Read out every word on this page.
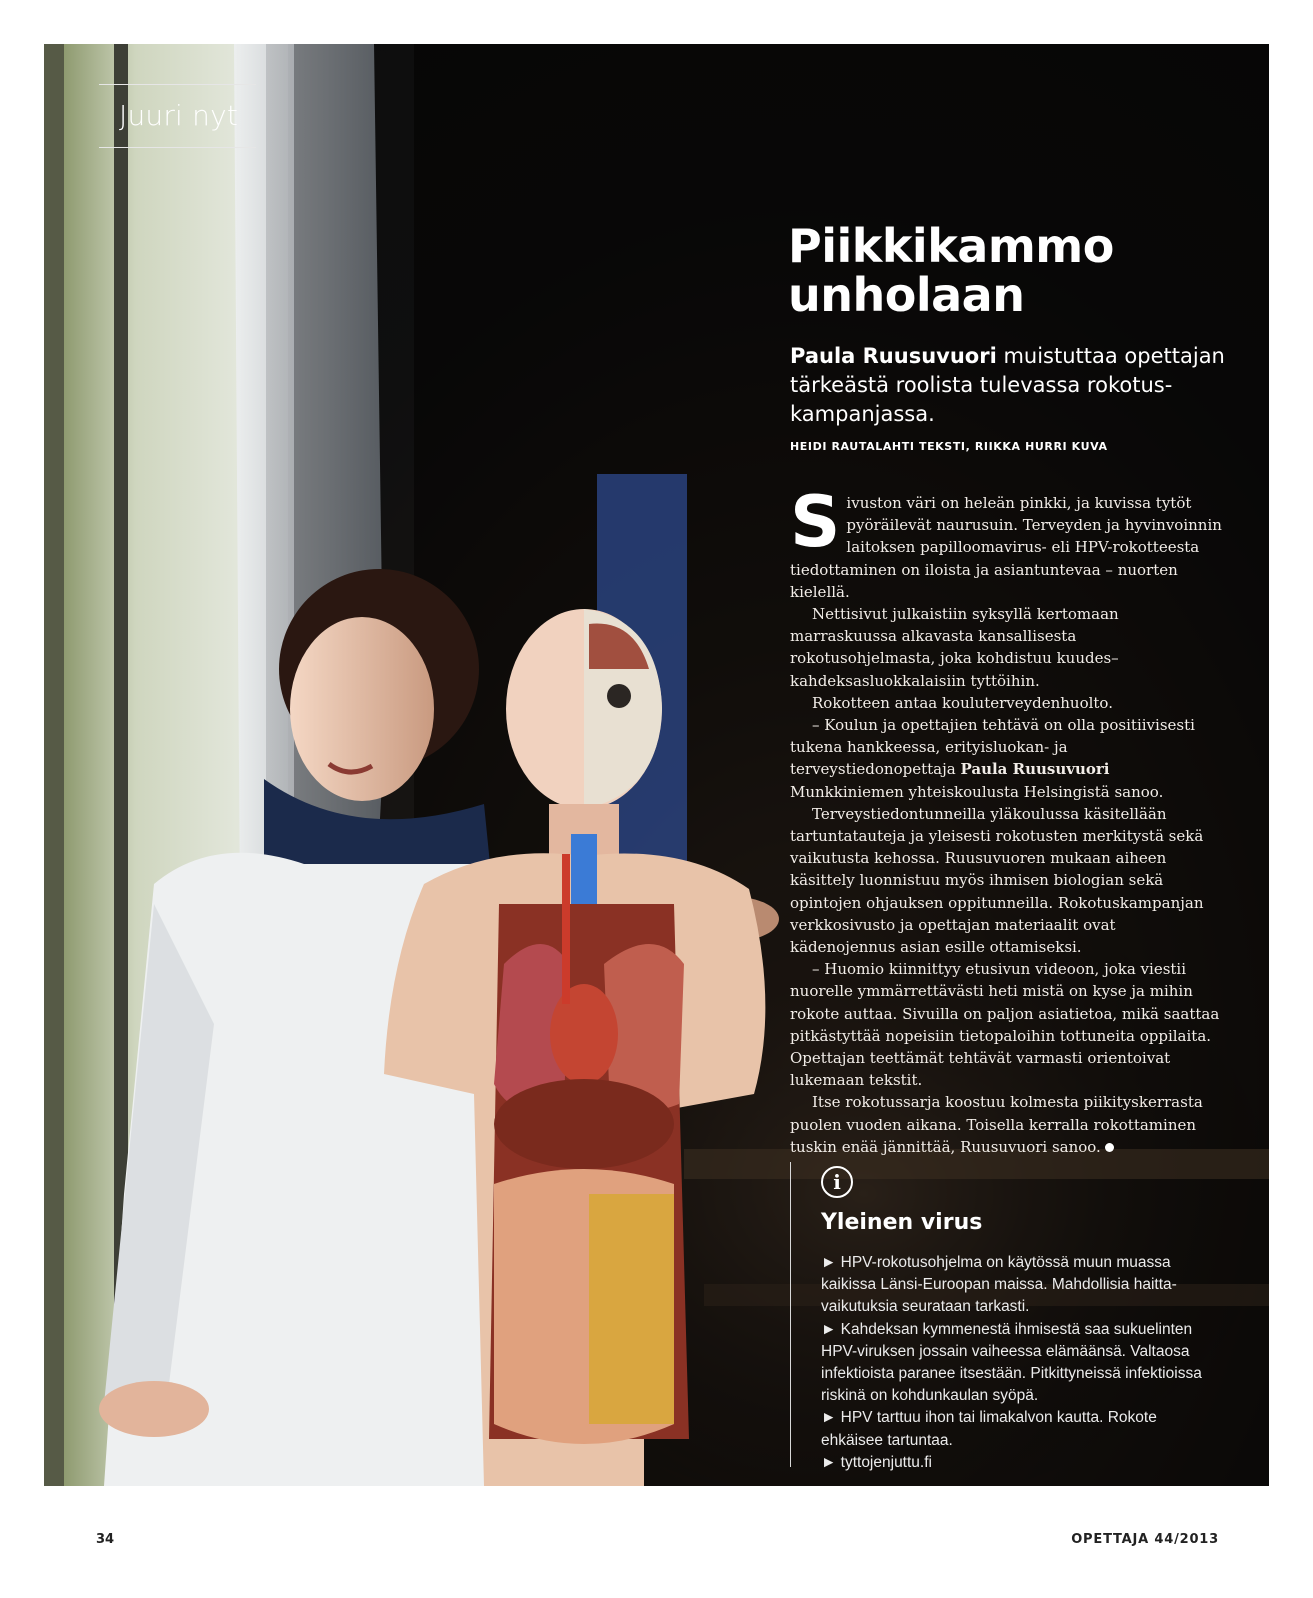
Juuri nyt
Piikkikammo
unholaan

Paula Ruusuvuori muistuttaa opettajan tärkeästä roolista tulevassa rokotuskampanjassa.

HEIDI RAUTALAHTI TEKSTI, RIIKKA HURRI KUVA

Sivuston väri on heleän pinkki, ja kuvissa tytöt pyöräilevät naurusuin. Terveyden ja hyvinvoinnin laitoksen papilloomavirus- eli HPV-rokotteesta tiedottaminen on iloista ja asiantuntevaa – nuorten kielellä.

Nettisivut julkaistiin syksyllä kertomaan marraskuussa alkavasta kansallisesta rokotusohjelmasta, joka kohdistuu kuudes–kahdeksasluokkalaisiin tyttöihin.

Rokotteen antaa kouluterveydenhuolto.

– Koulun ja opettajien tehtävä on olla positiivisesti tukena hankkeessa, erityisluokan- ja terveystiedonopettaja Paula Ruusuvuori Munkkiniemen yhteiskoulusta Helsingistä sanoo.

Terveystiedontunneilla yläkoulussa käsitellään tartuntatauteja ja yleisesti rokotusten merkitystä sekä vaikutusta kehossa. Ruusuvuoren mukaan aiheen käsittely luonnistuu myös ihmisen biologian sekä opintojen ohjauksen oppitunneilla. Rokotuskampanjan verkkosivusto ja opettajan materiaalit ovat kädenojennus asian esille ottamiseksi.

– Huomio kiinnittyy etusivun videoon, joka viestii nuorelle ymmärrettävästi heti mistä on kyse ja mihin rokote auttaa. Sivuilla on paljon asiatietoa, mikä saattaa pitkästyttää nopeisiin tietopaloihin tottuneita oppilaita. Opettajan teettämät tehtävät varmasti orientoivat lukemaan tekstit.

Itse rokotussarja koostuu kolmesta piikityskerrasta puolen vuoden aikana. Toisella kerralla rokottaminen tuskin enää jännittää, Ruusuvuori sanoo.

i
Yleinen virus

► HPV-rokotusohjelma on käytössä muun muassa kaikissa Länsi-Euroopan maissa. Mahdollisia haittavaikutuksia seurataan tarkasti.

► Kahdeksan kymmenestä ihmisestä saa sukuelinten HPV-viruksen jossain vaiheessa elämäänsä. Valtaosa infektioista paranee itsestään. Pitkittyneissä infektioissa riskinä on kohdunkaulan syöpä.

► HPV tarttuu ihon tai limakalvon kautta. Rokote ehkäisee tartuntaa.

► tyttojenjuttu.fi

34	OPETTAJA 44/2013
